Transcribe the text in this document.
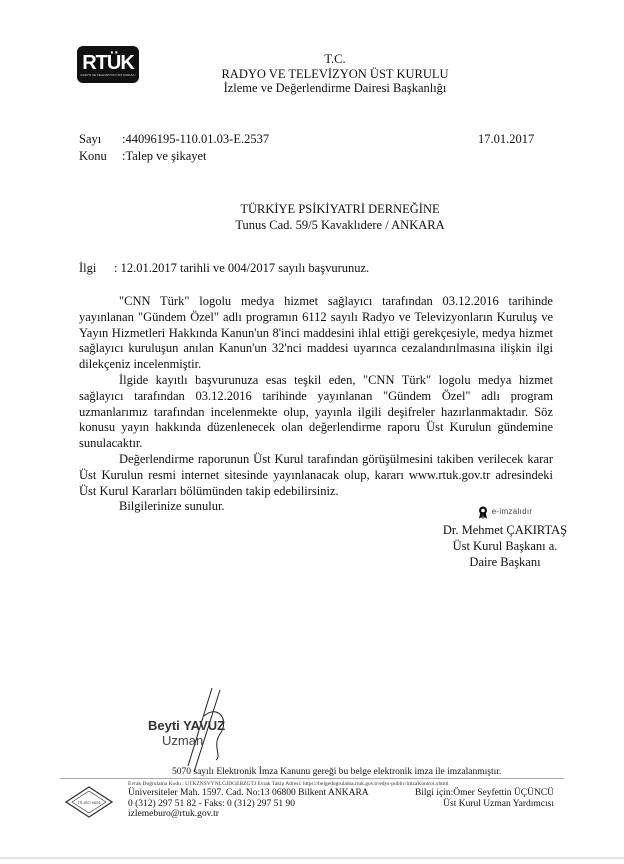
RTÜK
RADYO VE TELEVİZYON ÜST KURULU
T.C.
RADYO VE TELEVİZYON ÜST KURULU
İzleme ve Değerlendirme Dairesi Başkanlığı
Sayı :44096195-110.01.03-E.2537
Konu :Talep ve şikayet
17.01.2017
TÜRKİYE PSİKİYATRİ DERNEĞİNE
Tunus Cad. 59/5 Kavaklıdere / ANKARA
İlgi : 12.01.2017 tarihli ve 004/2017 sayılı başvurunuz.

"CNN Türk" logolu medya hizmet sağlayıcı tarafından 03.12.2016 tarihinde yayınlanan "Gündem Özel" adlı programın 6112 sayılı Radyo ve Televizyonların Kuruluş ve Yayın Hizmetleri Hakkında Kanun'un 8'inci maddesini ihlal ettiği gerekçesiyle, medya hizmet sağlayıcı kuruluşun anılan Kanun'un 32'nci maddesi uyarınca cezalandırılmasına ilişkin ilgi dilekçeniz incelenmiştir.

İlgide kayıtlı başvurunuza esas teşkil eden, "CNN Türk" logolu medya hizmet sağlayıcı tarafından 03.12.2016 tarihinde yayınlanan "Gündem Özel" adlı program uzmanlarımız tarafından incelenmekte olup, yayınla ilgili deşifreler hazırlanmaktadır. Söz konusu yayın hakkında düzenlenecek olan değerlendirme raporu Üst Kurulun gündemine sunulacaktır.

Değerlendirme raporunun Üst Kurul tarafından görüşülmesini takiben verilecek karar Üst Kurulun resmi internet sitesinde yayınlanacak olup, kararı www.rtuk.gov.tr adresindeki Üst Kurul Kararları bölümünden takip edebilirsiniz.

Bilgilerinize sunulur.	e-imzalıdır
Dr. Mehmet ÇAKIRTAŞ
Üst Kurul Başkanı a.
Daire Başkanı
Beyti YAVUZ
Uzman
5070 sayılı Elektronik İmza Kanunu gereği bu belge elektronik imza ile imzalanmıştır.
TS-ISO 9001
Evrak Doğrulama Kodu : UTKZNSVYNLGJDGEBZGTJ Evrak Takip Adresi: https://belgedogrulama.rtuk.gov.tr/edys-public/imzaKontrol.xhtml
Üniversiteler Mah. 1597. Cad. No:13 06800 Bilkent ANKARA
0 (312) 297 51 82 - Faks: 0 (312) 297 51 90
izlemeburo@rtuk.gov.tr
Bilgi için:Ömer Seyfettin ÜÇÜNCÜ
Üst Kurul Uzman Yardımcısı
